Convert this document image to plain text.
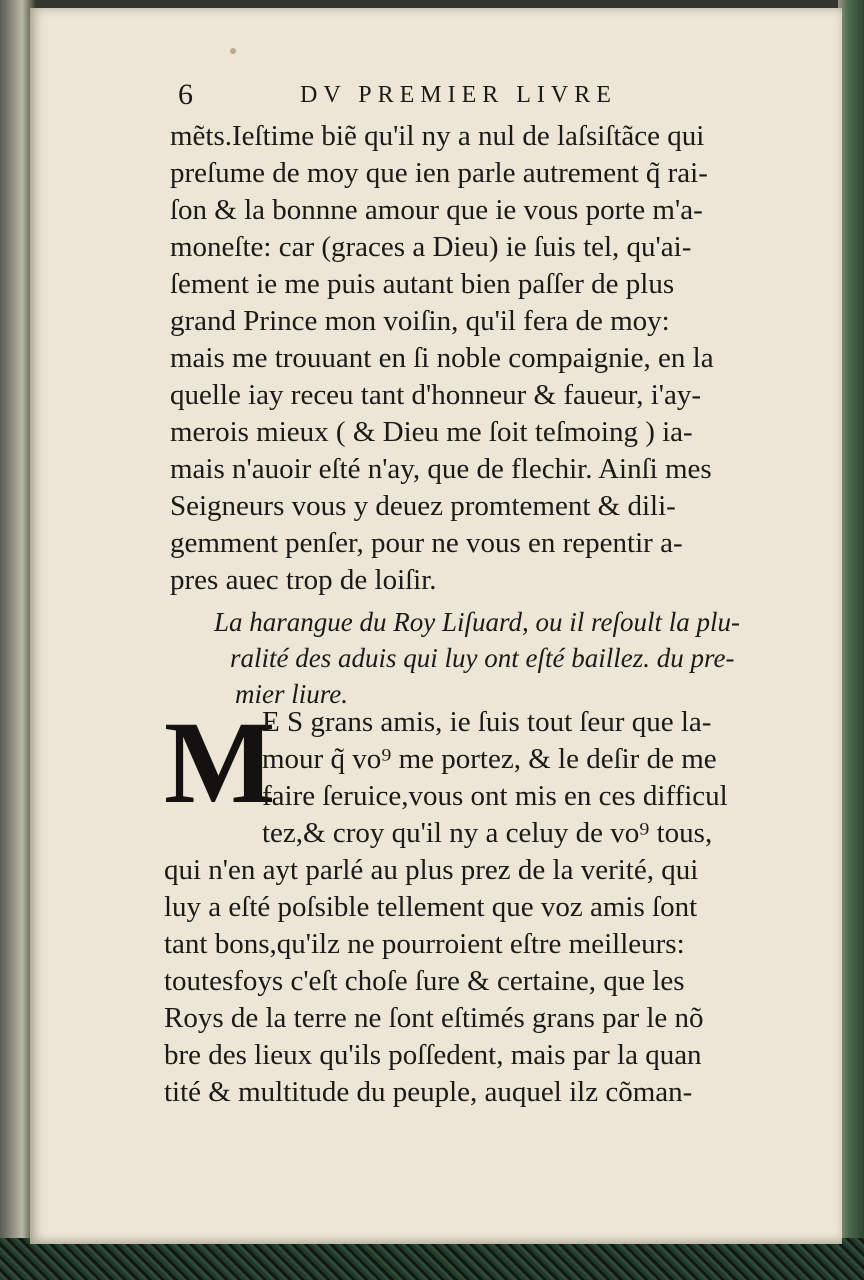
6	DV PREMIER LIVRE
mẽts.Ieſtime biẽ qu'il ny a nul de laſsiſtãce qui
preſume de moy que ien parle autrement q̃ rai-
ſon & la bonnne amour que ie vous porte m'a-
moneſte: car (graces a Dieu) ie ſuis tel, qu'ai-
ſement ie me puis autant bien paſſer de plus
grand Prince mon voiſin, qu'il fera de moy:
mais me trouuant en ſi noble compaignie, en la
quelle iay receu tant d'honneur & faueur, i'ay-
merois mieux ( & Dieu me ſoit teſmoing ) ia-
mais n'auoir eſté n'ay, que de flechir. Ainſi mes
Seigneurs vous y deuez promtement & dili-
gemment penſer, pour ne vous en repentir a-
pres auec trop de loiſir.
La harangue du Roy Liſuard, ou il reſoult la plu-
ralité des aduis qui luy ont eſté baillez. du pre-
mier liure.
M
E S grans amis, ie ſuis tout ſeur que la-
mour q̃ vo⁹ me portez, & le deſir de me
faire ſeruice,vous ont mis en ces difficul
tez,& croy qu'il ny a celuy de vo⁹ tous,
qui n'en ayt parlé au plus prez de la verité, qui
luy a eſté poſsible tellement que voz amis ſont
tant bons,qu'ilz ne pourroient eſtre meilleurs:
toutesfoys c'eſt choſe ſure & certaine, que les
Roys de la terre ne ſont eſtimés grans par le nõ
bre des lieux qu'ils poſſedent, mais par la quan
tité & multitude du peuple, auquel ilz cõman-
